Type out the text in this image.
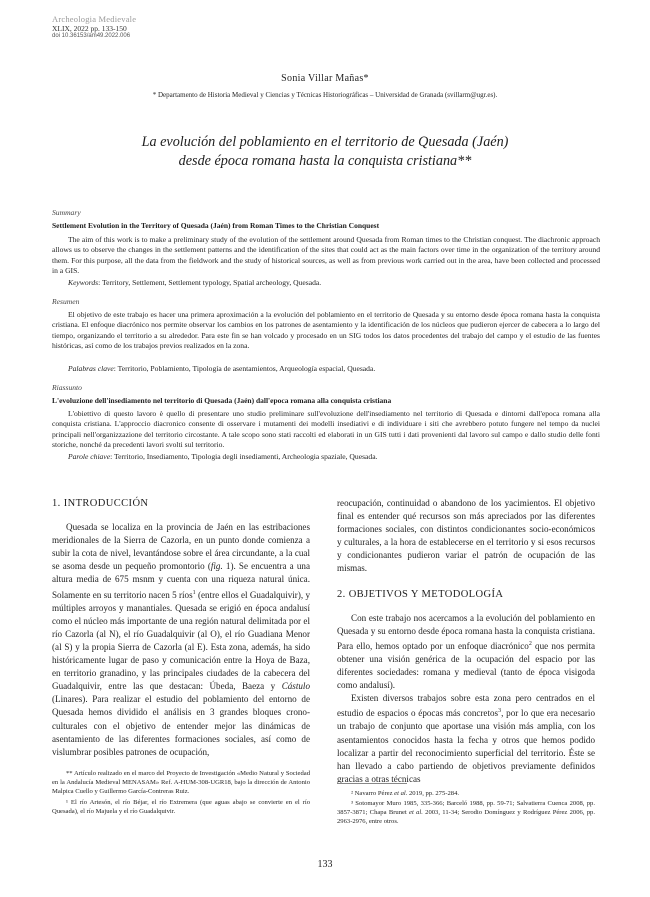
Archeologia Medievale
XLIX, 2022 pp. 133-150
doi 10.36153/am49.2022.006
Sonia Villar Mañas*
* Departamento de Historia Medieval y Ciencias y Técnicas Historiográficas – Universidad de Granada (svillarm@ugr.es).
La evolución del poblamiento en el territorio de Quesada (Jaén)
desde época romana hasta la conquista cristiana**
Summary
Settlement Evolution in the Territory of Quesada (Jaén) from Roman Times to the Christian Conquest

The aim of this work is to make a preliminary study of the evolution of the settlement around Quesada from Roman times to the Christian conquest. The diachronic approach allows us to observe the changes in the settlement patterns and the identification of the sites that could act as the main factors over time in the organization of the territory around them. For this purpose, all the data from the fieldwork and the study of historical sources, as well as from previous work carried out in the area, have been collected and processed in a GIS.

Keywords: Territory, Settlement, Settlement typology, Spatial archeology, Quesada.
Resumen

El objetivo de este trabajo es hacer una primera aproximación a la evolución del poblamiento en el territorio de Quesada y su entorno desde época romana hasta la conquista cristiana. El enfoque diacrónico nos permite observar los cambios en los patrones de asentamiento y la identificación de los núcleos que pudieron ejercer de cabecera a lo largo del tiempo, organizando el territorio a su alrededor. Para este fin se han volcado y procesado en un SIG todos los datos procedentes del trabajo del campo y el estudio de las fuentes históricas, así como de los trabajos previos realizados en la zona.

Palabras clave: Territorio, Poblamiento, Tipología de asentamientos, Arqueología espacial, Quesada.
Riassunto
L'evoluzione dell'insediamento nel territorio di Quesada (Jaén) dall'epoca romana alla conquista cristiana

L'obiettivo di questo lavoro è quello di presentare uno studio preliminare sull'evoluzione dell'insediamento nel territorio di Quesada e dintorni dall'epoca romana alla conquista cristiana. L'approccio diacronico consente di osservare i mutamenti dei modelli insediativi e di individuare i siti che avrebbero potuto fungere nel tempo da nuclei principali nell'organizzazione del territorio circostante. A tale scopo sono stati raccolti ed elaborati in un GIS tutti i dati provenienti dal lavoro sul campo e dallo studio delle fonti storiche, nonché da precedenti lavori svolti sul territorio.

Parole chiave: Territorio, Insediamento, Tipologia degli insediamenti, Archeologia spaziale, Quesada.
1. INTRODUCCIÓN

Quesada se localiza en la provincia de Jaén en las estribaciones meridionales de la Sierra de Cazorla, en un punto donde comienza a subir la cota de nivel, levantándose sobre el área circundante, a la cual se asoma desde un pequeño promontorio (fig. 1). Se encuentra a una altura media de 675 msnm y cuenta con una riqueza natural única. Solamente en su territorio nacen 5 ríos$^1$ (entre ellos el Guadalquivir), y múltiples arroyos y manantiales. Quesada se erigió en época andalusí como el núcleo más importante de una región natural delimitada por el río Cazorla (al N), el río Guadalquivir (al O), el río Guadiana Menor (al S) y la propia Sierra de Cazorla (al E). Esta zona, además, ha sido históricamente lugar de paso y comunicación entre la Hoya de Baza, en territorio granadino, y las principales ciudades de la cabecera del Guadalquivir, entre las que destacan: Úbeda, Baeza y Cástulo (Linares). Para realizar el estudio del poblamiento del entorno de Quesada hemos dividido el análisis en 3 grandes bloques crono-culturales con el objetivo de entender mejor las dinámicas de asentamiento de las diferentes formaciones sociales, así como de vislumbrar posibles patrones de ocupación,

reocupación, continuidad o abandono de los yacimientos. El objetivo final es entender qué recursos son más apreciados por las diferentes formaciones sociales, con distintos condicionantes socio-económicos y culturales, a la hora de establecerse en el territorio y si esos recursos y condicionantes pudieron variar el patrón de ocupación de las mismas.

2. OBJETIVOS Y METODOLOGÍA

Con este trabajo nos acercamos a la evolución del poblamiento en Quesada y su entorno desde época romana hasta la conquista cristiana. Para ello, hemos optado por un enfoque diacrónico$^2$ que nos permita obtener una visión genérica de la ocupación del espacio por las diferentes sociedades: romana y medieval (tanto de época visigoda como andalusí).

Existen diversos trabajos sobre esta zona pero centrados en el estudio de espacios o épocas más concretos$^3$, por lo que era necesario un trabajo de conjunto que aportase una visión más amplia, con los asentamientos conocidos hasta la fecha y otros que hemos podido localizar a partir del reconocimiento superficial del territorio. Éste se han llevado a cabo partiendo de objetivos previamente definidos gracias a otras técnicas

** Artículo realizado en el marco del Proyecto de Investigación «Medio Natural y Sociedad en la Andalucía Medieval MENASAM» Ref. A-HUM-308-UGR18, bajo la dirección de Antonio Malpica Cuello y Guillermo García-Contreras Ruiz.

¹ El río Artesón, el río Béjar, el río Extremera (que aguas abajo se convierte en el río Quesada), el río Majuela y el río Guadalquivir.

² Navarro Pérez et al. 2019, pp. 275-284.

³ Sotomayor Muro 1985, 335-366; Barceló 1988, pp. 59-71; Salvatierra Cuenca 2008, pp. 3857-3871; Chapa Brunet et al. 2003, 11-34; Serodio Domínguez y Rodríguez Pérez 2006, pp. 2963-2976, entre otros.

133
